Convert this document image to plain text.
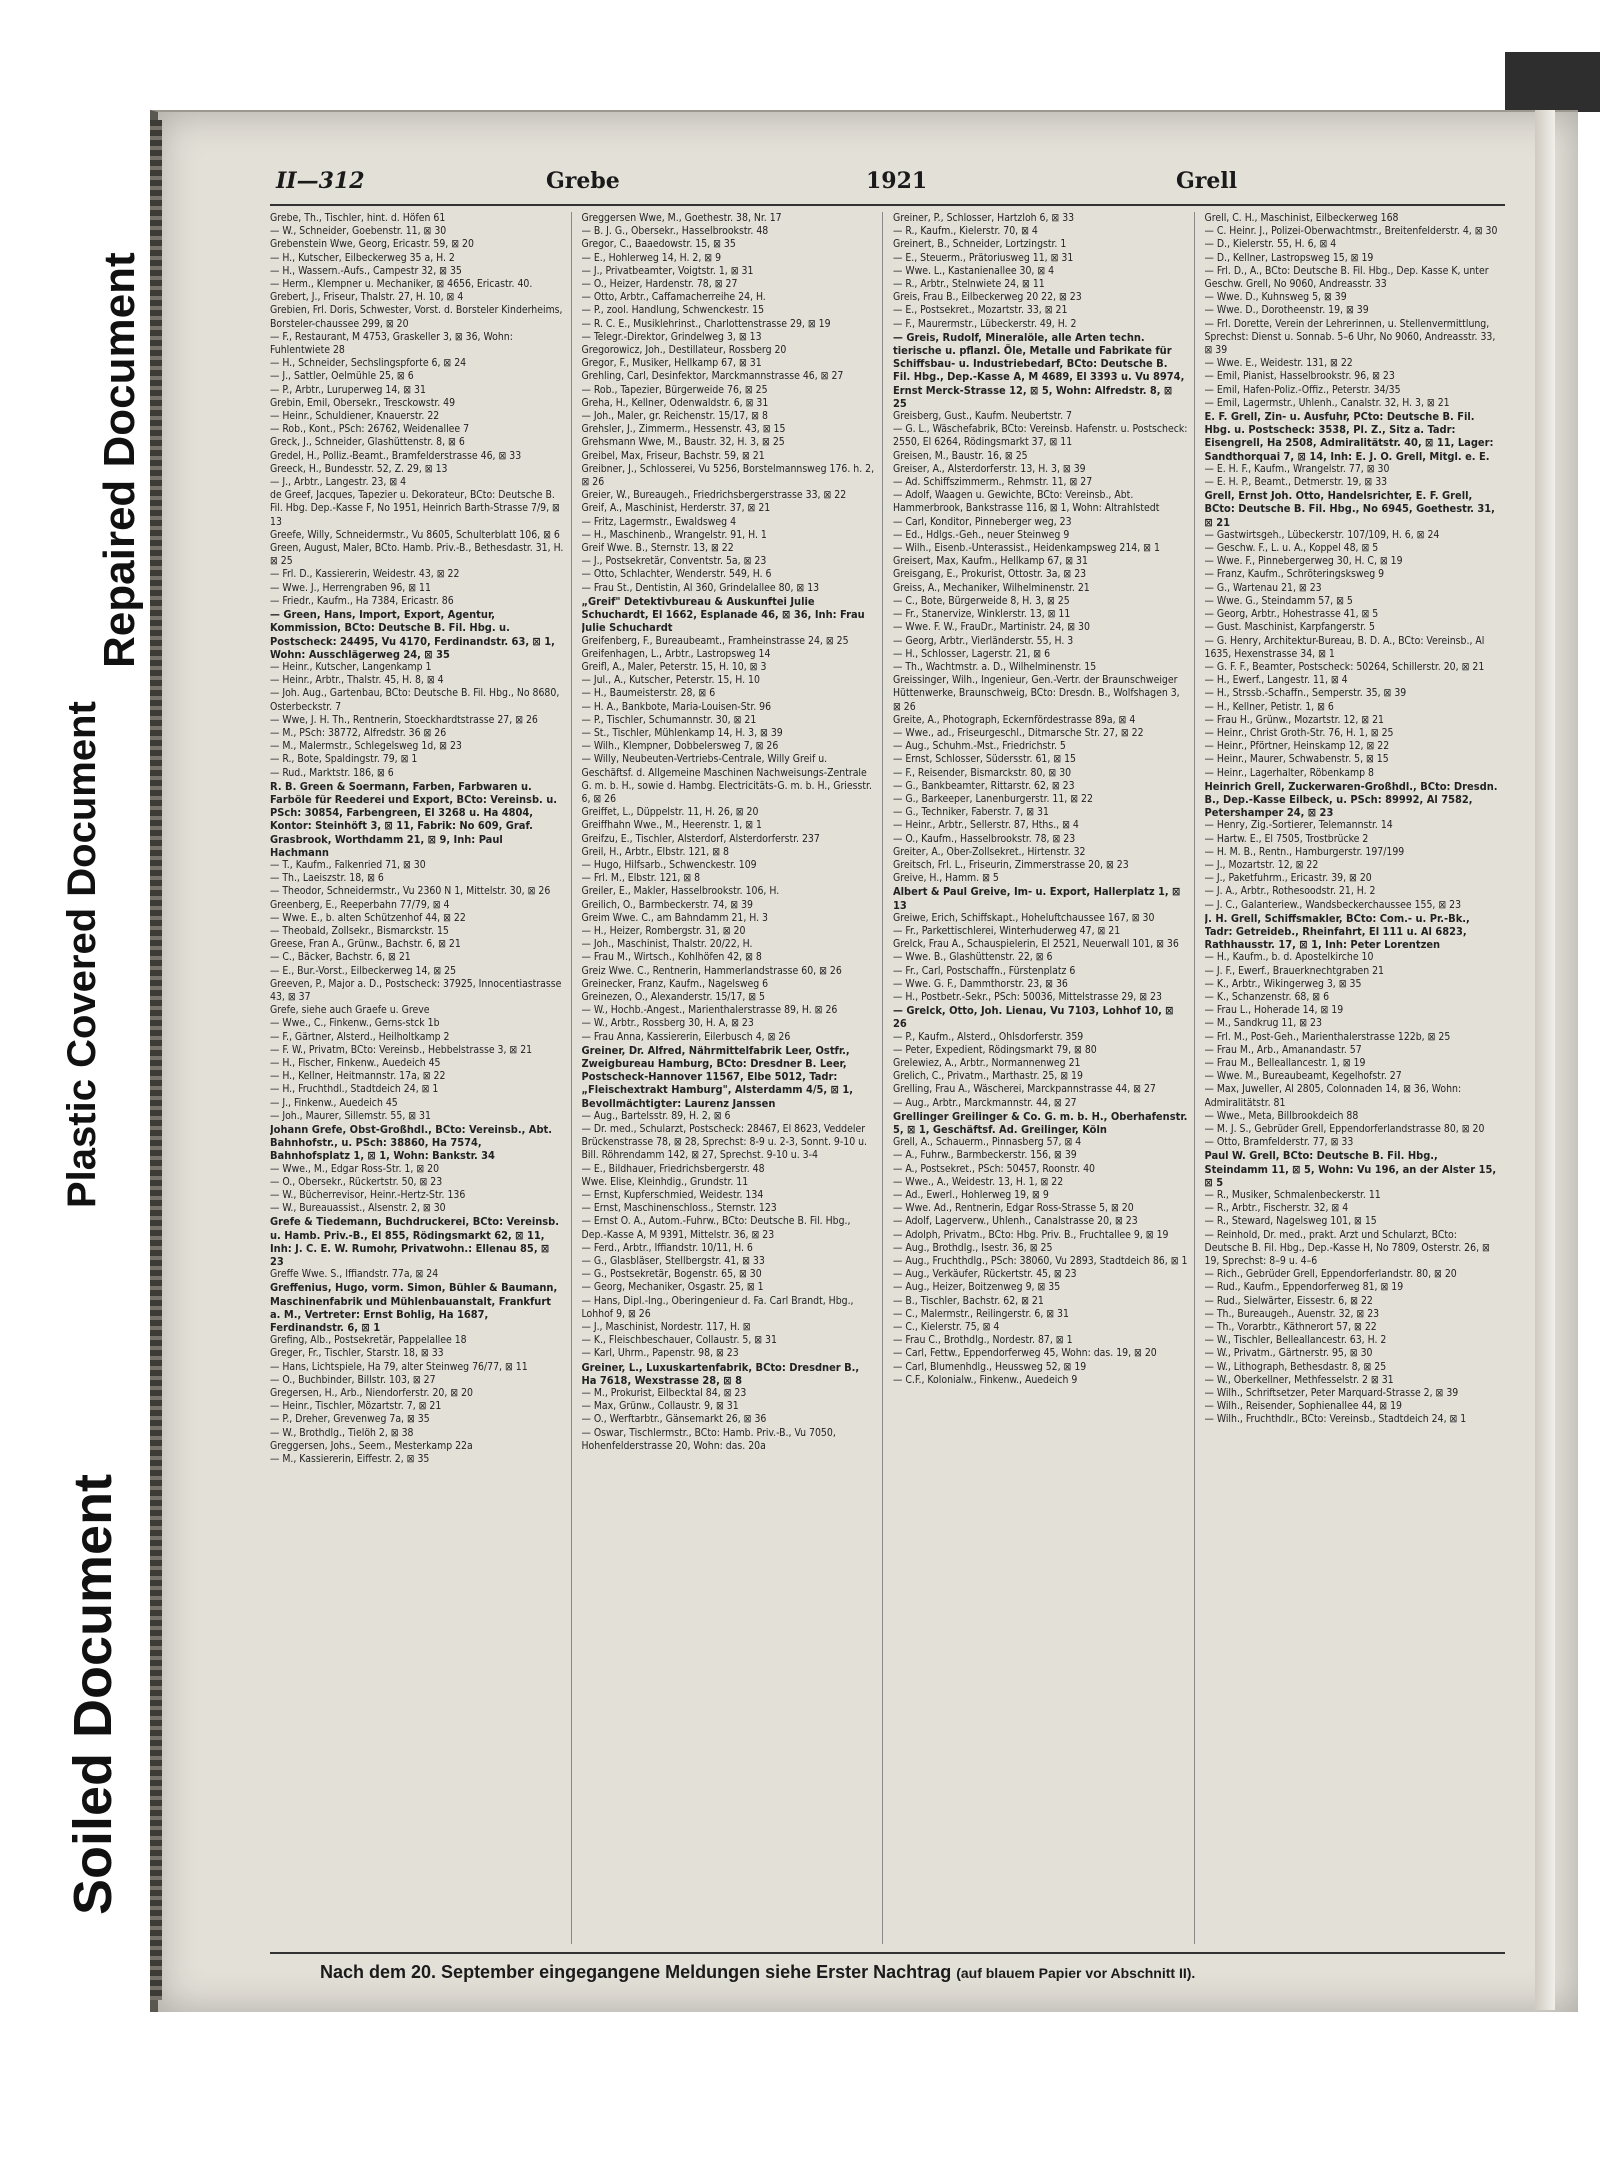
Repaired Document
Plastic Covered Document
Soiled Document
II—312	Grebe	1921	Grell

Grebe, Th., Tischler, hint. d. Höfen 61

— W., Schneider, Goebenstr. 11, ⊠ 30

Grebenstein Wwe, Georg, Ericastr. 59, ⊠ 20

— H., Kutscher, Eilbeckerweg 35 a, H. 2

— H., Wassern.-Aufs., Campestr 32, ⊠ 35

— Herm., Klempner u. Mechaniker, ⊠ 4656, Ericastr. 40.

Grebert, J., Friseur, Thalstr. 27, H. 10, ⊠ 4

Grebien, Frl. Doris, Schwester, Vorst. d. Borsteler Kinderheims, Borsteler-chaussee 299, ⊠ 20

— F., Restaurant, M 4753, Graskeller 3, ⊠ 36, Wohn: Fuhlentwiete 28

— H., Schneider, Sechslingspforte 6, ⊠ 24

— J., Sattler, Oelmühle 25, ⊠ 6

— P., Arbtr., Luruperweg 14, ⊠ 31

Grebin, Emil, Obersekr., Tresckowstr. 49

— Heinr., Schuldiener, Knauerstr. 22

— Rob., Kont., PSch: 26762, Weidenallee 7

Greck, J., Schneider, Glashüttenstr. 8, ⊠ 6

Gredel, H., Polliz.-Beamt., Bramfelderstrasse 46, ⊠ 33

Greeck, H., Bundesstr. 52, Z. 29, ⊠ 13

— J., Arbtr., Langestr. 23, ⊠ 4

de Greef, Jacques, Tapezier u. Dekorateur, BCto: Deutsche B. Fil. Hbg. Dep.-Kasse F, No 1951, Heinrich Barth-Strasse 7/9, ⊠ 13

Greefe, Willy, Schneidermstr., Vu 8605, Schulterblatt 106, ⊠ 6

Green, August, Maler, BCto. Hamb. Priv.-B., Bethesdastr. 31, H. ⊠ 25

— Frl. D., Kassiererin, Weidestr. 43, ⊠ 22

— Wwe. J., Herrengraben 96, ⊠ 11

— Friedr., Kaufm., Ha 7384, Ericastr. 86

— Green, Hans, Import, Export, Agentur, Kommission, BCto: Deutsche B. Fil. Hbg. u. Postscheck: 24495, Vu 4170, Ferdinandstr. 63, ⊠ 1, Wohn: Ausschlägerweg 24, ⊠ 35

— Heinr., Kutscher, Langenkamp 1

— Heinr., Arbtr., Thalstr. 45, H. 8, ⊠ 4

— Joh. Aug., Gartenbau, BCto: Deutsche B. Fil. Hbg., No 8680, Osterbeckstr. 7

— Wwe, J. H. Th., Rentnerin, Stoeckhardtstrasse 27, ⊠ 26

— M., PSch: 38772, Alfredstr. 36 ⊠ 26

— M., Malermstr., Schlegelsweg 1d, ⊠ 23

— R., Bote, Spaldingstr. 79, ⊠ 1

— Rud., Marktstr. 186, ⊠ 6

R. B. Green & Soermann, Farben, Farbwaren u. Farböle für Reederei und Export, BCto: Vereinsb. u. PSch: 30854, Farbengreen, El 3268 u. Ha 4804, Kontor: Steinhöft 3, ⊠ 11, Fabrik: No 609, Graf. Grasbrook, Worthdamm 21, ⊠ 9, Inh: Paul Hachmann

— T., Kaufm., Falkenried 71, ⊠ 30

— Th., Laeiszstr. 18, ⊠ 6

— Theodor, Schneidermstr., Vu 2360 N 1, Mittelstr. 30, ⊠ 26

Greenberg, E., Reeperbahn 77/79, ⊠ 4

— Wwe. E., b. alten Schützenhof 44, ⊠ 22

— Theobald, Zollsekr., Bismarckstr. 15

Greese, Fran A., Grünw., Bachstr. 6, ⊠ 21

— C., Bäcker, Bachstr. 6, ⊠ 21

— E., Bur.-Vorst., Eilbeckerweg 14, ⊠ 25

Greeven, P., Major a. D., Postscheck: 37925, Innocentiastrasse 43, ⊠ 37

Grefe, siehe auch Graefe u. Greve

— Wwe., C., Finkenw., Gerns-stck 1b

— F., Gärtner, Alsterd., Heilholtkamp 2

— F. W., Privatm, BCto: Vereinsb., Hebbelstrasse 3, ⊠ 21

— H., Fischer, Finkenw., Auedeich 45

— H., Kellner, Heitmannstr. 17a, ⊠ 22

— H., Fruchthdl., Stadtdeich 24, ⊠ 1

— J., Finkenw., Auedeich 45

— Joh., Maurer, Sillemstr. 55, ⊠ 31

Johann Grefe, Obst-Großhdl., BCto: Vereinsb., Abt. Bahnhofstr., u. PSch: 38860, Ha 7574, Bahnhofsplatz 1, ⊠ 1, Wohn: Bankstr. 34

— Wwe., M., Edgar Ross-Str. 1, ⊠ 20

— O., Obersekr., Rückertstr. 50, ⊠ 23

— W., Bücherrevisor, Heinr.-Hertz-Str. 136

— W., Bureauassist., Alsenstr. 2, ⊠ 30

Grefe & Tiedemann, Buchdruckerei, BCto: Vereinsb. u. Hamb. Priv.-B., El 855, Rödingsmarkt 62, ⊠ 11, Inh: J. C. E. W. Rumohr, Privatwohn.: Ellenau 85, ⊠ 23

Greffe Wwe. S., Iffiandstr. 77a, ⊠ 24

Greffenius, Hugo, vorm. Simon, Bühler & Baumann, Maschinenfabrik und Mühlenbauanstalt, Frankfurt a. M., Vertreter: Ernst Bohlig, Ha 1687, Ferdinandstr. 6, ⊠ 1

Grefing, Alb., Postsekretär, Pappelallee 18

Greger, Fr., Tischler, Starstr. 18, ⊠ 33

— Hans, Lichtspiele, Ha 79, alter Steinweg 76/77, ⊠ 11

— O., Buchbinder, Billstr. 103, ⊠ 27

Gregersen, H., Arb., Niendorferstr. 20, ⊠ 20

— Heinr., Tischler, Mözartstr. 7, ⊠ 21

— P., Dreher, Grevenweg 7a, ⊠ 35

— W., Brothdlg., Tielöh 2, ⊠ 38

Greggersen, Johs., Seem., Mesterkamp 22a

— M., Kassiererin, Eiffestr. 2, ⊠ 35

Greggersen Wwe, M., Goethestr. 38, Nr. 17

— B. J. G., Obersekr., Hasselbrookstr. 48

Gregor, C., Baaedowstr. 15, ⊠ 35

— E., Hohlerweg 14, H. 2, ⊠ 9

— J., Privatbeamter, Voigtstr. 1, ⊠ 31

— O., Heizer, Hardenstr. 78, ⊠ 27

— Otto, Arbtr., Caffamacherreihe 24, H.

— P., zool. Handlung, Schwenckestr. 15

— R. C. E., Musiklehrinst., Charlottenstrasse 29, ⊠ 19

— Telegr.-Direktor, Grindelweg 3, ⊠ 13

Gregorowicz, Joh., Destillateur, Rossberg 20

Gregor, F., Musiker, Hellkamp 67, ⊠ 31

Grehling, Carl, Desinfektor, Marckmannstrasse 46, ⊠ 27

— Rob., Tapezier, Bürgerweide 76, ⊠ 25

Greha, H., Kellner, Odenwaldstr. 6, ⊠ 31

— Joh., Maler, gr. Reichenstr. 15/17, ⊠ 8

Grehsler, J., Zimmerm., Hessenstr. 43, ⊠ 15

Grehsmann Wwe, M., Baustr. 32, H. 3, ⊠ 25

Greibel, Max, Friseur, Bachstr. 59, ⊠ 21

Greibner, J., Schlosserei, Vu 5256, Borstelmannsweg 176. h. 2, ⊠ 26

Greier, W., Bureaugeh., Friedrichsbergerstrasse 33, ⊠ 22

Greif, A., Maschinist, Herderstr. 37, ⊠ 21

— Fritz, Lagermstr., Ewaldsweg 4

— H., Maschinenb., Wrangelstr. 91, H. 1

Greif Wwe. B., Sternstr. 13, ⊠ 22

— J., Postsekretär, Conventstr. 5a, ⊠ 23

— Otto, Schlachter, Wenderstr. 549, H. 6

— Frau St., Dentistin, Al 360, Grindelallee 80, ⊠ 13

„Greif" Detektivbureau & Auskunftei Julie Schuchardt, El 1662, Esplanade 46, ⊠ 36, Inh: Frau Julie Schuchardt

Greifenberg, F., Bureaubeamt., Framheinstrasse 24, ⊠ 25

Greifenhagen, L., Arbtr., Lastropsweg 14

Greifl, A., Maler, Peterstr. 15, H. 10, ⊠ 3

— Jul., A., Kutscher, Peterstr. 15, H. 10

— H., Baumeisterstr. 28, ⊠ 6

— H. A., Bankbote, Maria-Louisen-Str. 96

— P., Tischler, Schumannstr. 30, ⊠ 21

— St., Tischler, Mühlenkamp 14, H. 3, ⊠ 39

— Wilh., Klempner, Dobbelersweg 7, ⊠ 26

— Willy, Neubeuten-Vertriebs-Centrale, Willy Greif u. Geschäftsf. d. Allgemeine Maschinen Nachweisungs-Zentrale G. m. b. H., sowie d. Hambg. Electricitäts-G. m. b. H., Griesstr. 6, ⊠ 26

Greiffet, L., Düppelstr. 11, H. 26, ⊠ 20

Greiffhahn Wwe., M., Heerenstr. 1, ⊠ 1

Greifzu, E., Tischler, Alsterdorf, Alsterdorferstr. 237

Greil, H., Arbtr., Elbstr. 121, ⊠ 8

— Hugo, Hilfsarb., Schwenckestr. 109

— Frl. M., Elbstr. 121, ⊠ 8

Greiler, E., Makler, Hasselbrookstr. 106, H.

Greilich, O., Barmbeckerstr. 74, ⊠ 39

Greim Wwe. C., am Bahndamm 21, H. 3

— H., Heizer, Rombergstr. 31, ⊠ 20

— Joh., Maschinist, Thalstr. 20/22, H.

— Frau M., Wirtsch., Kohlhöfen 42, ⊠ 8

Greiz Wwe. C., Rentnerin, Hammerlandstrasse 60, ⊠ 26

Greinecker, Franz, Kaufm., Nagelsweg 6

Greinezen, O., Alexanderstr. 15/17, ⊠ 5

— W., Hochb.-Angest., Marienthalerstrasse 89, H. ⊠ 26

— W., Arbtr., Rossberg 30, H. A, ⊠ 23

— Frau Anna, Kassiererin, Eilerbusch 4, ⊠ 26

Greiner, Dr. Alfred, Nährmittelfabrik Leer, Ostfr., Zweigbureau Hamburg, BCto: Dresdner B. Leer, Postscheck-Hannover 11567, Elbe 5012, Tadr: „Fleischextrakt Hamburg", Alsterdamm 4/5, ⊠ 1, Bevollmächtigter: Laurenz Janssen

— Aug., Bartelsstr. 89, H. 2, ⊠ 6

— Dr. med., Schularzt, Postscheck: 28467, El 8623, Veddeler Brückenstrasse 78, ⊠ 28, Sprechst: 8-9 u. 2-3, Sonnt. 9-10 u. Bill. Röhrendamm 142, ⊠ 27, Sprechst. 9-10 u. 3-4

— E., Bildhauer, Friedrichsbergerstr. 48

Wwe. Elise, Kleinhdig., Grundstr. 11

— Ernst, Kupferschmied, Weidestr. 134

— Ernst, Maschinenschloss., Sternstr. 123

— Ernst O. A., Autom.-Fuhrw., BCto: Deutsche B. Fil. Hbg., Dep.-Kasse A, M 9391, Mittelstr. 36, ⊠ 23

— Ferd., Arbtr., Iffiandstr. 10/11, H. 6

— G., Glasbläser, Stellbergstr. 41, ⊠ 33

— G., Postsekretär, Bogenstr. 65, ⊠ 30

— Georg, Mechaniker, Osgastr. 25, ⊠ 1

— Hans, Dipl.-Ing., Oberingenieur d. Fa. Carl Brandt, Hbg., Lohhof 9, ⊠ 26

— J., Maschinist, Nordestr. 117, H. ⊠

— K., Fleischbeschauer, Collaustr. 5, ⊠ 31

— Karl, Uhrm., Papenstr. 98, ⊠ 23

Greiner, L., Luxuskartenfabrik, BCto: Dresdner B., Ha 7618, Wexstrasse 28, ⊠ 8

— M., Prokurist, Eilbecktal 84, ⊠ 23

— Max, Grünw., Collaustr. 9, ⊠ 31

— O., Werftarbtr., Gänsemarkt 26, ⊠ 36

— Oswar, Tischlermstr., BCto: Hamb. Priv.-B., Vu 7050, Hohenfelderstrasse 20, Wohn: das. 20a

Greiner, P., Schlosser, Hartzloh 6, ⊠ 33

— R., Kaufm., Kielerstr. 70, ⊠ 4

Greinert, B., Schneider, Lortzingstr. 1

— E., Steuerm., Prätoriusweg 11, ⊠ 31

— Wwe. L., Kastanienallee 30, ⊠ 4

— R., Arbtr., Stelnwiete 24, ⊠ 11

Greis, Frau B., Eilbeckerweg 20 22, ⊠ 23

— E., Postsekret., Mozartstr. 33, ⊠ 21

— F., Maurermstr., Lübeckerstr. 49, H. 2

— Greis, Rudolf, Mineralöle, alle Arten techn. tierische u. pflanzl. Öle, Metalle und Fabrikate für Schiffsbau- u. Industriebedarf, BCto: Deutsche B. Fil. Hbg., Dep.-Kasse A, M 4689, El 3393 u. Vu 8974, Ernst Merck-Strasse 12, ⊠ 5, Wohn: Alfredstr. 8, ⊠ 25

Greisberg, Gust., Kaufm. Neubertstr. 7

— G. L., Wäschefabrik, BCto: Vereinsb. Hafenstr. u. Postscheck: 2550, El 6264, Rödingsmarkt 37, ⊠ 11

Greisen, M., Baustr. 16, ⊠ 25

Greiser, A., Alsterdorferstr. 13, H. 3, ⊠ 39

— Ad. Schiffszimmerm., Rehmstr. 11, ⊠ 27

— Adolf, Waagen u. Gewichte, BCto: Vereinsb., Abt. Hammerbrook, Bankstrasse 116, ⊠ 1, Wohn: Altrahlstedt

— Carl, Konditor, Pinneberger weg, 23

— Ed., Hdlgs.-Geh., neuer Steinweg 9

— Wilh., Eisenb.-Unterassist., Heidenkampsweg 214, ⊠ 1

Greisert, Max, Kaufm., Hellkamp 67, ⊠ 31

Greisgang, E., Prokurist, Ottostr. 3a, ⊠ 23

Greiss, A., Mechaniker, Wilhelminenstr. 21

— C., Bote, Bürgerweide 8, H. 3, ⊠ 25

— Fr., Stanervize, Winklerstr. 13, ⊠ 11

— Wwe. F. W., FrauDr., Martinistr. 24, ⊠ 30

— Georg, Arbtr., Vierländerstr. 55, H. 3

— H., Schlosser, Lagerstr. 21, ⊠ 6

— Th., Wachtmstr. a. D., Wilhelminenstr. 15

Greissinger, Wilh., Ingenieur, Gen.-Vertr. der Braunschweiger Hüttenwerke, Braunschweig, BCto: Dresdn. B., Wolfshagen 3, ⊠ 26

Greite, A., Photograph, Eckernfördestrasse 89a, ⊠ 4

— Wwe., ad., Friseurgeschl., Ditmarsche Str. 27, ⊠ 22

— Aug., Schuhm.-Mst., Friedrichstr. 5

— Ernst, Schlosser, Südersstr. 61, ⊠ 15

— F., Reisender, Bismarckstr. 80, ⊠ 30

— G., Bankbeamter, Rittarstr. 62, ⊠ 23

— G., Barkeeper, Lanenburgerstr. 11, ⊠ 22

— G., Techniker, Faberstr. 7, ⊠ 31

— Heinr., Arbtr., Sellerstr. 87, Hths., ⊠ 4

— O., Kaufm., Hasselbrookstr. 78, ⊠ 23

Greiter, A., Ober-Zollsekret., Hirtenstr. 32

Greitsch, Frl. L., Friseurin, Zimmerstrasse 20, ⊠ 23

Greive, H., Hamm. ⊠ 5

Albert & Paul Greive, Im- u. Export, Hallerplatz 1, ⊠ 13

Greiwe, Erich, Schiffskapt., Hoheluftchaussee 167, ⊠ 30

— Fr., Parkettischlerei, Winterhuderweg 47, ⊠ 21

Grelck, Frau A., Schauspielerin, El 2521, Neuerwall 101, ⊠ 36

— Wwe. B., Glashüttenstr. 22, ⊠ 6

— Fr., Carl, Postschaffn., Fürstenplatz 6

— Wwe. G. F., Dammthorstr. 23, ⊠ 36

— H., Postbetr.-Sekr., PSch: 50036, Mittelstrasse 29, ⊠ 23

— Grelck, Otto, Joh. Lienau, Vu 7103, Lohhof 10, ⊠ 26

— P., Kaufm., Alsterd., Ohlsdorferstr. 359

— Peter, Expedient, Rödingsmarkt 79, ⊠ 80

Grelewiez, A., Arbtr., Normannenweg 21

Grelich, C., Privatm., Marthastr. 25, ⊠ 19

Grelling, Frau A., Wäscherei, Marckpannstrasse 44, ⊠ 27

— Aug., Arbtr., Marckmannstr. 44, ⊠ 27

Grellinger Greilinger & Co. G. m. b. H., Oberhafenstr. 5, ⊠ 1, Geschäftsf. Ad. Greilinger, Köln

Grell, A., Schauerm., Pinnasberg 57, ⊠ 4

— A., Fuhrw., Barmbeckerstr. 156, ⊠ 39

— A., Postsekret., PSch: 50457, Roonstr. 40

— Wwe., A., Weidestr. 13, H. 1, ⊠ 22

— Ad., Ewerl., Hohlerweg 19, ⊠ 9

— Wwe. Ad., Rentnerin, Edgar Ross-Strasse 5, ⊠ 20

— Adolf, Lagerverw., Uhlenh., Canalstrasse 20, ⊠ 23

— Adolph, Privatm., BCto: Hbg. Priv. B., Fruchtallee 9, ⊠ 19

— Aug., Brothdlg., Isestr. 36, ⊠ 25

— Aug., Fruchthdlg., PSch: 38060, Vu 2893, Stadtdeich 86, ⊠ 1

— Aug., Verkäufer, Rückertstr. 45, ⊠ 23

— Aug., Heizer, Boitzenweg 9, ⊠ 35

— B., Tischler, Bachstr. 62, ⊠ 21

— C., Malermstr., Reilingerstr. 6, ⊠ 31

— C., Kielerstr. 75, ⊠ 4

— Frau C., Brothdlg., Nordestr. 87, ⊠ 1

— Carl, Fettw., Eppendorferweg 45, Wohn: das. 19, ⊠ 20

— Carl, Blumenhdlg., Heussweg 52, ⊠ 19

— C.F., Kolonialw., Finkenw., Auedeich 9

Grell, C. H., Maschinist, Eilbeckerweg 168

— C. Heinr. J., Polizei-Oberwachtmstr., Breitenfelderstr. 4, ⊠ 30

— D., Kielerstr. 55, H. 6, ⊠ 4

— D., Kellner, Lastropsweg 15, ⊠ 19

— Frl. D., A., BCto: Deutsche B. Fil. Hbg., Dep. Kasse K, unter Geschw. Grell, No 9060, Andreasstr. 33

— Wwe. D., Kuhnsweg 5, ⊠ 39

— Wwe. D., Dorotheenstr. 19, ⊠ 39

— Frl. Dorette, Verein der Lehrerinnen, u. Stellenvermittlung, Sprechst: Dienst u. Sonnab. 5–6 Uhr, No 9060, Andreasstr. 33, ⊠ 39

— Wwe. E., Weidestr. 131, ⊠ 22

— Emil, Pianist, Hasselbrookstr. 96, ⊠ 23

— Emil, Hafen-Poliz.-Offiz., Peterstr. 34/35

— Emil, Lagermstr., Uhlenh., Canalstr. 32, H. 3, ⊠ 21

E. F. Grell, Zin- u. Ausfuhr, PCto: Deutsche B. Fil. Hbg. u. Postscheck: 3538, Pl. Z., Sitz a. Tadr: Eisengrell, Ha 2508, Admiralitätstr. 40, ⊠ 11, Lager: Sandthorquai 7, ⊠ 14, Inh: E. J. O. Grell, Mitgl. e. E.

— E. H. F., Kaufm., Wrangelstr. 77, ⊠ 30

— E. H. P., Beamt., Detmerstr. 19, ⊠ 33

Grell, Ernst Joh. Otto, Handelsrichter, E. F. Grell, BCto: Deutsche B. Fil. Hbg., No 6945, Goethestr. 31, ⊠ 21

— Gastwirtsgeh., Lübeckerstr. 107/109, H. 6, ⊠ 24

— Geschw. F., L. u. A., Koppel 48, ⊠ 5

— Wwe. F., Pinnebergerweg 30, H. C, ⊠ 19

— Franz, Kaufm., Schröteringsksweg 9

— G., Wartenau 21, ⊠ 23

— Wwe. G., Steindamm 57, ⊠ 5

— Georg, Arbtr., Hohestrasse 41, ⊠ 5

— Gust. Maschinist, Karpfangerstr. 5

— G. Henry, Architektur-Bureau, B. D. A., BCto: Vereinsb., Al 1635, Hexenstrasse 34, ⊠ 1

— G. F. F., Beamter, Postscheck: 50264, Schillerstr. 20, ⊠ 21

— H., Ewerf., Langestr. 11, ⊠ 4

— H., Strssb.-Schaffn., Semperstr. 35, ⊠ 39

— H., Kellner, Petistr. 1, ⊠ 6

— Frau H., Grünw., Mozartstr. 12, ⊠ 21

— Heinr., Christ Groth-Str. 76, H. 1, ⊠ 25

— Heinr., Pförtner, Heinskamp 12, ⊠ 22

— Heinr., Maurer, Schwabenstr. 5, ⊠ 15

— Heinr., Lagerhalter, Röbenkamp 8

Heinrich Grell, Zuckerwaren-Großhdl., BCto: Dresdn. B., Dep.-Kasse Eilbeck, u. PSch: 89992, Al 7582, Petershamper 24, ⊠ 23

— Henry, Zig.-Sortierer, Telemannstr. 14

— Hartw. E., El 7505, Trostbrücke 2

— H. M. B., Rentn., Hamburgerstr. 197/199

— J., Mozartstr. 12, ⊠ 22

— J., Paketfuhrm., Ericastr. 39, ⊠ 20

— J. A., Arbtr., Rothesoodstr. 21, H. 2

— J. C., Galanteriew., Wandsbeckerchaussee 155, ⊠ 23

J. H. Grell, Schiffsmakler, BCto: Com.- u. Pr.-Bk., Tadr: Getreideb., Rheinfahrt, El 111 u. Al 6823, Rathhausstr. 17, ⊠ 1, Inh: Peter Lorentzen

— H., Kaufm., b. d. Apostelkirche 10

— J. F., Ewerf., Brauerknechtgraben 21

— K., Arbtr., Wikingerweg 3, ⊠ 35

— K., Schanzenstr. 68, ⊠ 6

— Frau L., Hoherade 14, ⊠ 19

— M., Sandkrug 11, ⊠ 23

— Frl. M., Post-Geh., Marienthalerstrasse 122b, ⊠ 25

— Frau M., Arb., Amanandastr. 57

— Frau M., Belleallancestr. 1, ⊠ 19

— Wwe. M., Bureaubeamt, Kegelhofstr. 27

— Max, Juweller, Al 2805, Colonnaden 14, ⊠ 36, Wohn: Admiralitätstr. 81

— Wwe., Meta, Billbrookdeich 88

— M. J. S., Gebrüder Grell, Eppendorferlandstrasse 80, ⊠ 20

— Otto, Bramfelderstr. 77, ⊠ 33

Paul W. Grell, BCto: Deutsche B. Fil. Hbg., Steindamm 11, ⊠ 5, Wohn: Vu 196, an der Alster 15, ⊠ 5

— R., Musiker, Schmalenbeckerstr. 11

— R., Arbtr., Fischerstr. 32, ⊠ 4

— R., Steward, Nagelsweg 101, ⊠ 15

— Reinhold, Dr. med., prakt. Arzt und Schularzt, BCto: Deutsche B. Fil. Hbg., Dep.-Kasse H, No 7809, Osterstr. 26, ⊠ 19, Sprechst: 8–9 u. 4–6

— Rich., Gebrüder Grell, Eppendorferlandstr. 80, ⊠ 20

— Rud., Kaufm., Eppendorferweg 81, ⊠ 19

— Rud., Sielwärter, Eissestr. 6, ⊠ 22

— Th., Bureaugeh., Auenstr. 32, ⊠ 23

— Th., Vorarbtr., Käthnerort 57, ⊠ 22

— W., Tischler, Belleallancestr. 63, H. 2

— W., Privatm., Gärtnerstr. 95, ⊠ 30

— W., Lithograph, Bethesdastr. 8, ⊠ 25

— W., Oberkellner, Methfesselstr. 2 ⊠ 31

— Wilh., Schriftsetzer, Peter Marquard-Strasse 2, ⊠ 39

— Wilh., Reisender, Sophienallee 44, ⊠ 19

— Wilh., Fruchthdlr., BCto: Vereinsb., Stadtdeich 24, ⊠ 1

Nach dem 20. September eingegangene Meldungen siehe Erster Nachtrag (auf blauem Papier vor Abschnitt II).
